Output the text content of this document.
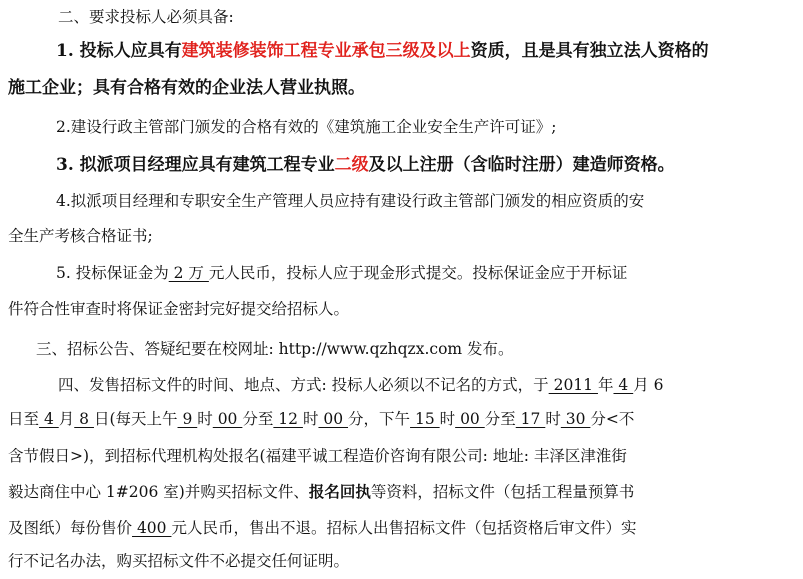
二、要求投标人必须具备:
1. 投标人应具有建筑装修装饰工程专业承包三级及以上资质，且是具有独立法人资格的
施工企业；具有合格有效的企业法人营业执照。
2.建设行政主管部门颁发的合格有效的《建筑施工企业安全生产许可证》;
3. 拟派项目经理应具有建筑工程专业二级及以上注册（含临时注册）建造师资格。
4.拟派项目经理和专职安全生产管理人员应持有建设行政主管部门颁发的相应资质的安
全生产考核合格证书;
5. 投标保证金为 2 万 元人民币，投标人应于现金形式提交。投标保证金应于开标证
件符合性审查时将保证金密封完好提交给招标人。
三、招标公告、答疑纪要在校网址: http://www.qzhqzx.com 发布。
四、发售招标文件的时间、地点、方式: 投标人必须以不记名的方式，于 2011 年 4 月 6
日至 4 月 8 日(每天上午 9 时 00 分至 12 时 00 分，下午 15 时 00 分至 17 时 30 分<不
含节假日>)，到招标代理机构处报名(福建平诚工程造价咨询有限公司: 地址: 丰泽区津淮街
毅达商住中心 1#206 室)并购买招标文件、报名回执等资料，招标文件（包括工程量预算书
及图纸）每份售价 400 元人民币，售出不退。招标人出售招标文件（包括资格后审文件）实
行不记名办法，购买招标文件不必提交任何证明。
